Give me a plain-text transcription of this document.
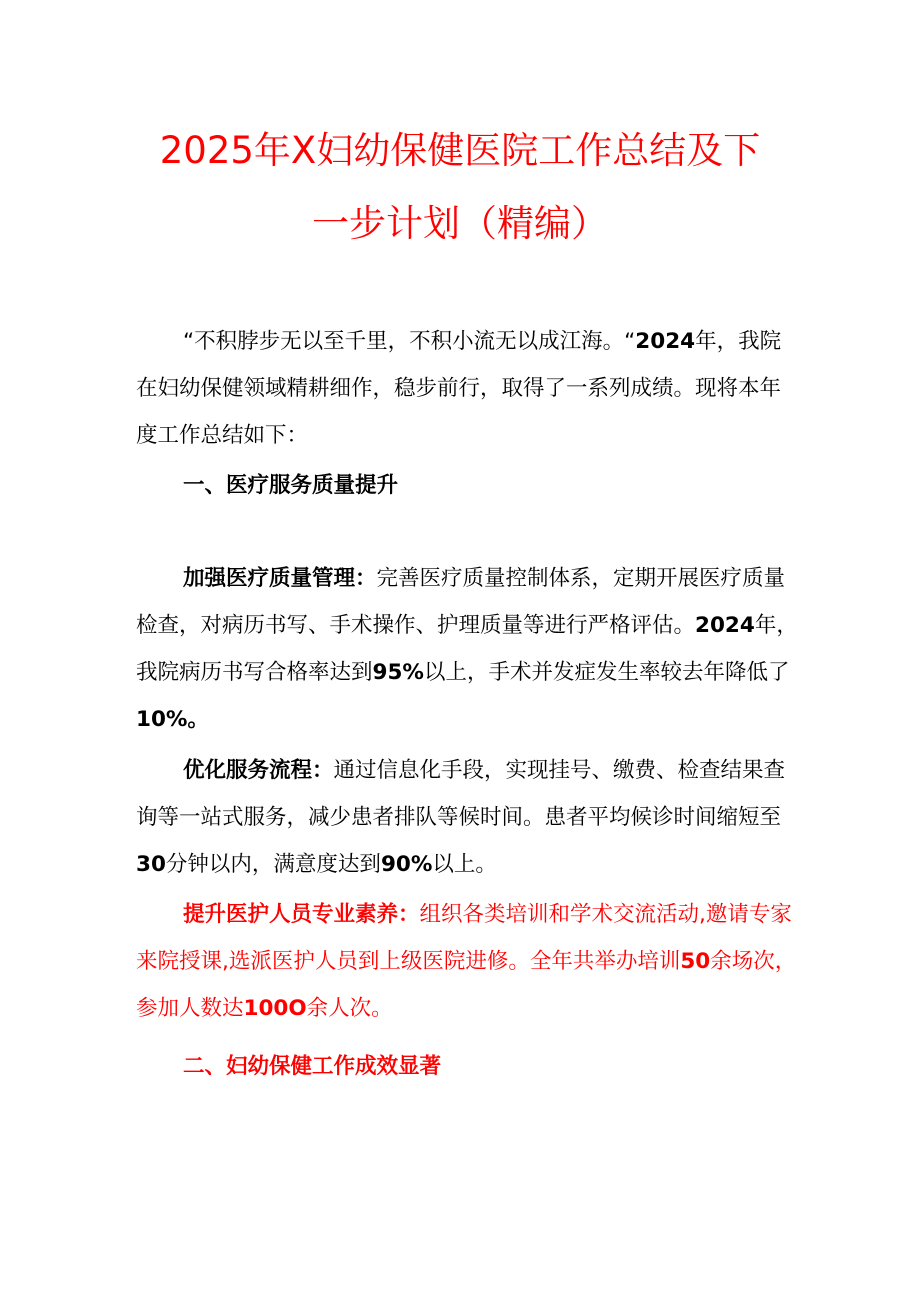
2025年X妇幼保健医院工作总结及下
一步计划（精编）

“不积脖步无以至千里，不积小流无以成江海。“2024年，我院在妇幼保健领域精耕细作，稳步前行，取得了一系列成绩。现将本年度工作总结如下：

一、医疗服务质量提升

加强医疗质量管理：完善医疗质量控制体系，定期开展医疗质量检查，对病历书写、手术操作、护理质量等进行严格评估。2024年，我院病历书写合格率达到95%以上，手术并发症发生率较去年降低了10%。

优化服务流程：通过信息化手段，实现挂号、缴费、检查结果查询等一站式服务，减少患者排队等候时间。患者平均候诊时间缩短至30分钟以内，满意度达到90%以上。

提升医护人员专业素养：组织各类培训和学术交流活动,邀请专家来院授课,选派医护人员到上级医院进修。全年共举办培训50余场次，参加人数达100O余人次。

二、妇幼保健工作成效显著
